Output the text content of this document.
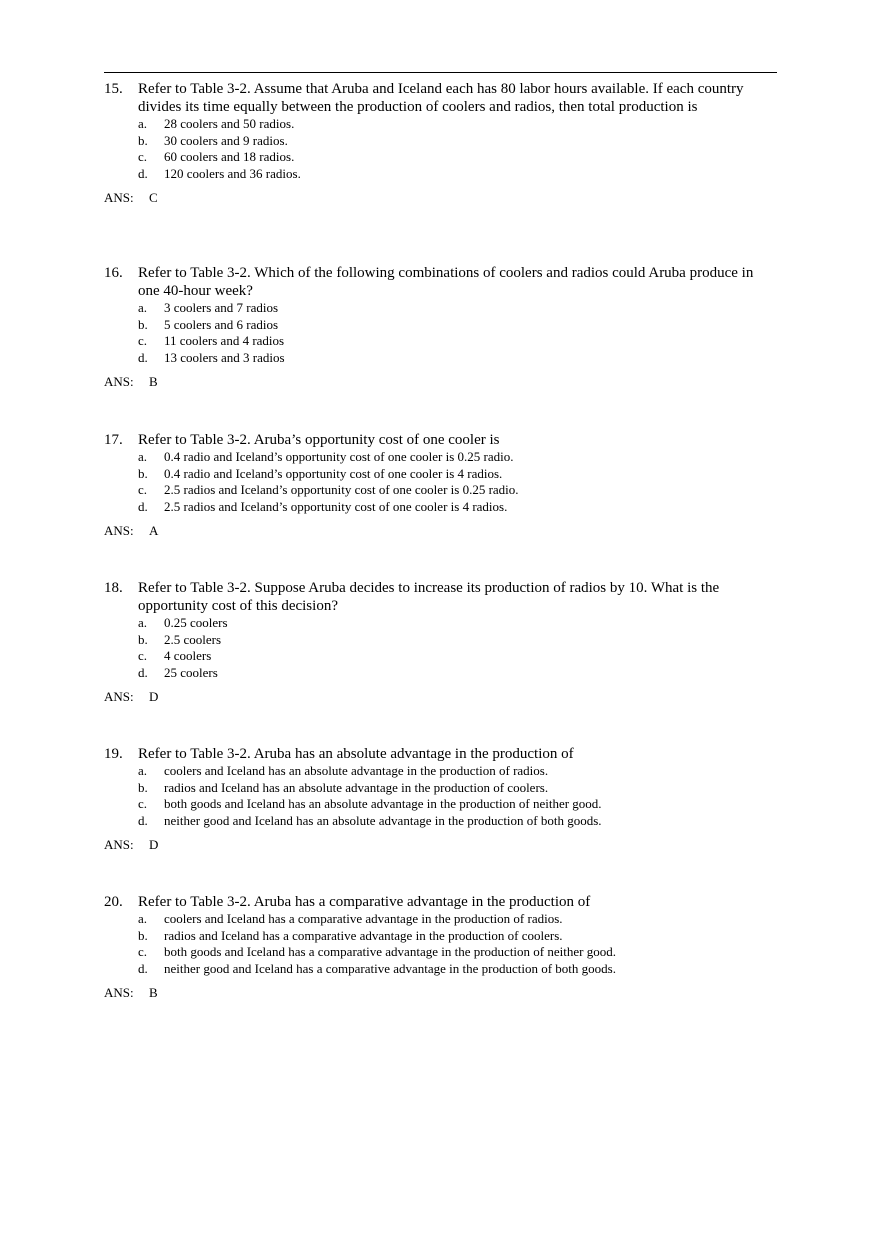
15. Refer to Table 3-2. Assume that Aruba and Iceland each has 80 labor hours available. If each country divides its time equally between the production of coolers and radios, then total production is
a. 28 coolers and 50 radios.
b. 30 coolers and 9 radios.
c. 60 coolers and 18 radios.
d. 120 coolers and 36 radios.
ANS: C
16. Refer to Table 3-2. Which of the following combinations of coolers and radios could Aruba produce in one 40-hour week?
a. 3 coolers and 7 radios
b. 5 coolers and 6 radios
c. 11 coolers and 4 radios
d. 13 coolers and 3 radios
ANS: B
17. Refer to Table 3-2. Aruba’s opportunity cost of one cooler is
a. 0.4 radio and Iceland’s opportunity cost of one cooler is 0.25 radio.
b. 0.4 radio and Iceland’s opportunity cost of one cooler is 4 radios.
c. 2.5 radios and Iceland’s opportunity cost of one cooler is 0.25 radio.
d. 2.5 radios and Iceland’s opportunity cost of one cooler is 4 radios.
ANS: A
18. Refer to Table 3-2. Suppose Aruba decides to increase its production of radios by 10. What is the opportunity cost of this decision?
a. 0.25 coolers
b. 2.5 coolers
c. 4 coolers
d. 25 coolers
ANS: D
19. Refer to Table 3-2. Aruba has an absolute advantage in the production of
a. coolers and Iceland has an absolute advantage in the production of radios.
b. radios and Iceland has an absolute advantage in the production of coolers.
c. both goods and Iceland has an absolute advantage in the production of neither good.
d. neither good and Iceland has an absolute advantage in the production of both goods.
ANS: D
20. Refer to Table 3-2. Aruba has a comparative advantage in the production of
a. coolers and Iceland has a comparative advantage in the production of radios.
b. radios and Iceland has a comparative advantage in the production of coolers.
c. both goods and Iceland has a comparative advantage in the production of neither good.
d. neither good and Iceland has a comparative advantage in the production of both goods.
ANS: B
